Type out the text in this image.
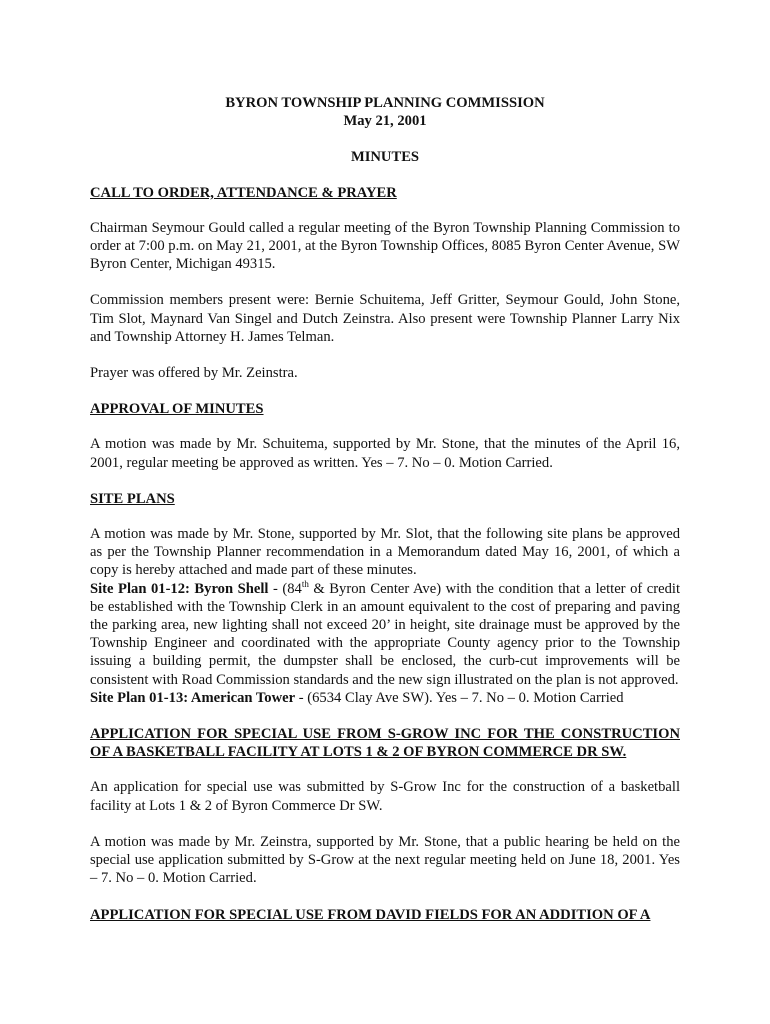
BYRON TOWNSHIP PLANNING COMMISSION
May 21, 2001
MINUTES
CALL TO ORDER, ATTENDANCE & PRAYER

Chairman Seymour Gould called a regular meeting of the Byron Township Planning Commission to order at 7:00 p.m. on May 21, 2001, at the Byron Township Offices, 8085 Byron Center Avenue, SW Byron Center, Michigan 49315.

Commission members present were: Bernie Schuitema, Jeff Gritter, Seymour Gould, John Stone, Tim Slot, Maynard Van Singel and Dutch Zeinstra. Also present were Township Planner Larry Nix and Township Attorney H. James Telman.

Prayer was offered by Mr. Zeinstra.

APPROVAL OF MINUTES

A motion was made by Mr. Schuitema, supported by Mr. Stone, that the minutes of the April 16, 2001, regular meeting be approved as written. Yes – 7. No – 0. Motion Carried.

SITE PLANS

A motion was made by Mr. Stone, supported by Mr. Slot, that the following site plans be approved as per the Township Planner recommendation in a Memorandum dated May 16, 2001, of which a copy is hereby attached and made part of these minutes.

Site Plan 01-12: Byron Shell - (84th & Byron Center Ave) with the condition that a letter of credit be established with the Township Clerk in an amount equivalent to the cost of preparing and paving the parking area, new lighting shall not exceed 20’ in height, site drainage must be approved by the Township Engineer and coordinated with the appropriate County agency prior to the Township issuing a building permit, the dumpster shall be enclosed, the curb-cut improvements will be consistent with Road Commission standards and the new sign illustrated on the plan is not approved.

Site Plan 01-13: American Tower - (6534 Clay Ave SW). Yes – 7. No – 0. Motion Carried

APPLICATION FOR SPECIAL USE FROM S-GROW INC FOR THE CONSTRUCTION OF A BASKETBALL FACILITY AT LOTS 1 & 2 OF BYRON COMMERCE DR SW.

An application for special use was submitted by S-Grow Inc for the construction of a basketball facility at Lots 1 & 2 of Byron Commerce Dr SW.

A motion was made by Mr. Zeinstra, supported by Mr. Stone, that a public hearing be held on the special use application submitted by S-Grow at the next regular meeting held on June 18, 2001. Yes – 7. No – 0. Motion Carried.

APPLICATION FOR SPECIAL USE FROM DAVID FIELDS FOR AN ADDITION OF A
